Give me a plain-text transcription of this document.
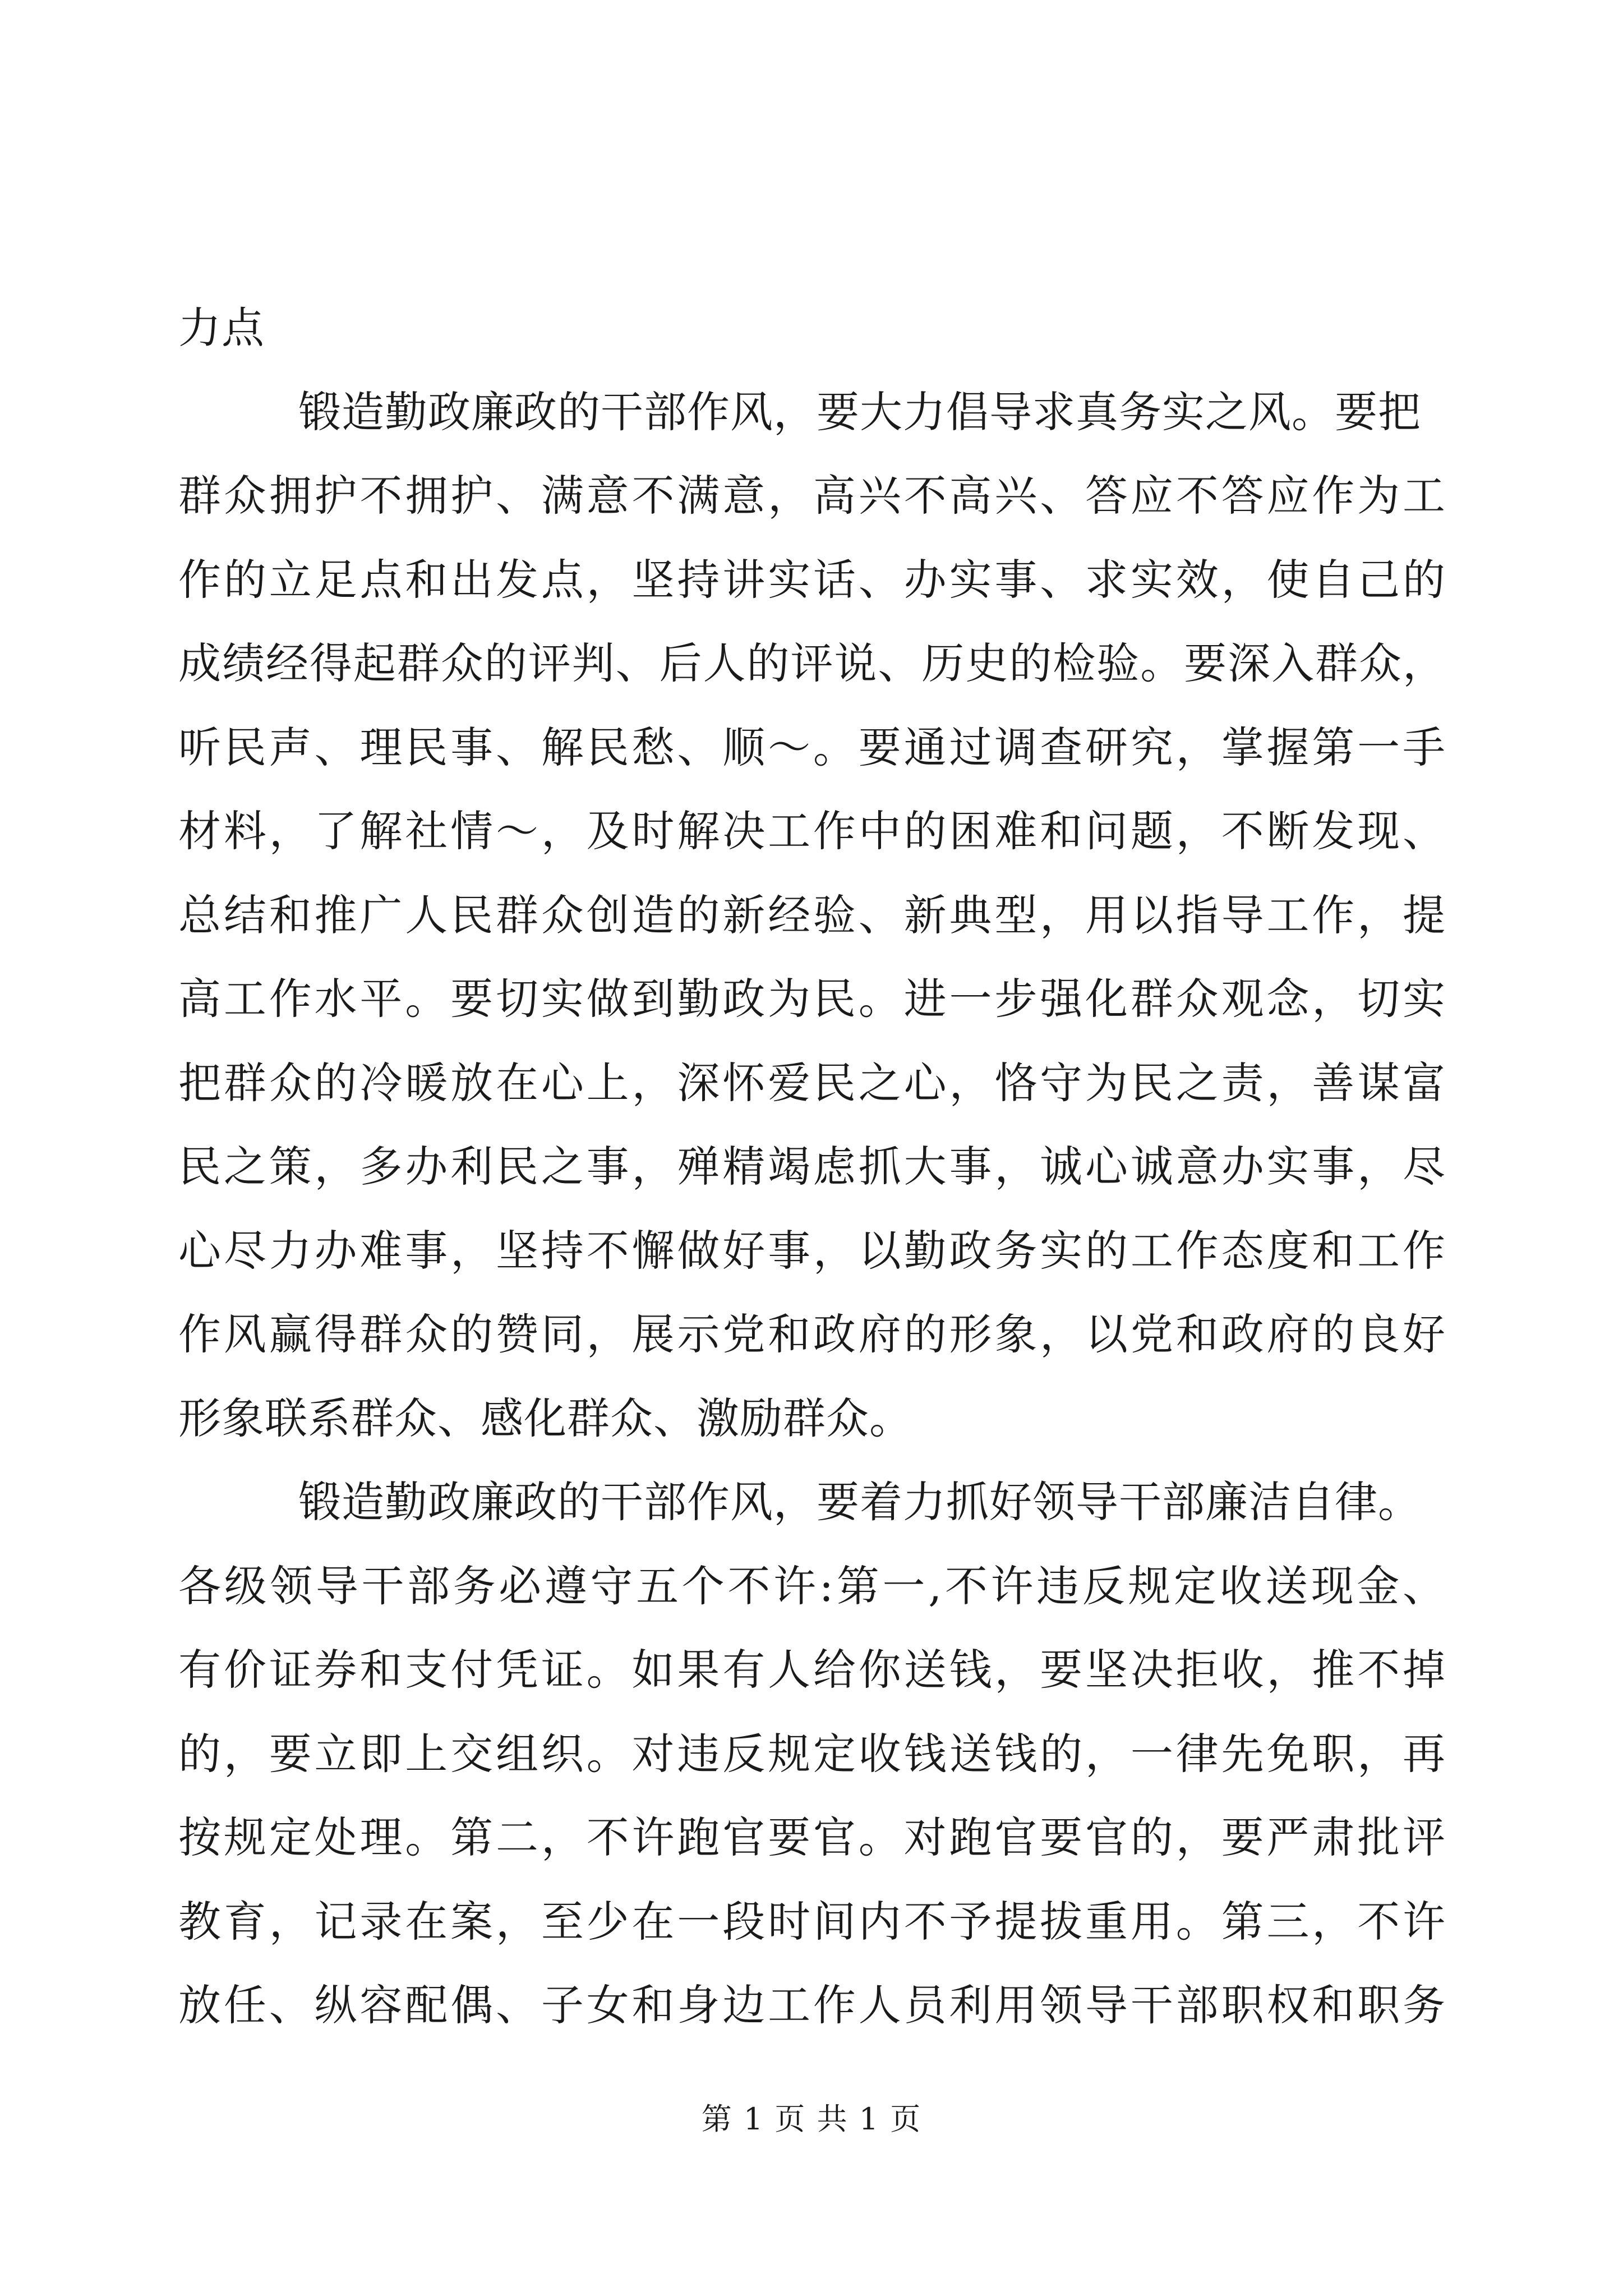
力点
锻造勤政廉政的干部作风，要大力倡导求真务实之风。要把
群众拥护不拥护、满意不满意，高兴不高兴、答应不答应作为工
作的立足点和出发点，坚持讲实话、办实事、求实效，使自己的
成绩经得起群众的评判、后人的评说、历史的检验。要深入群众，
听民声、理民事、解民愁、顺～。要通过调查研究，掌握第一手
材料，了解社情～，及时解决工作中的困难和问题，不断发现、
总结和推广人民群众创造的新经验、新典型，用以指导工作，提
高工作水平。要切实做到勤政为民。进一步强化群众观念，切实
把群众的冷暖放在心上，深怀爱民之心，恪守为民之责，善谋富
民之策，多办利民之事，殚精竭虑抓大事，诚心诚意办实事，尽
心尽力办难事，坚持不懈做好事，以勤政务实的工作态度和工作
作风赢得群众的赞同，展示党和政府的形象，以党和政府的良好
形象联系群众、感化群众、激励群众。
锻造勤政廉政的干部作风，要着力抓好领导干部廉洁自律。
各级领导干部务必遵守五个不许:第一,不许违反规定收送现金、
有价证券和支付凭证。如果有人给你送钱，要坚决拒收，推不掉
的，要立即上交组织。对违反规定收钱送钱的，一律先免职，再
按规定处理。第二，不许跑官要官。对跑官要官的，要严肃批评
教育，记录在案，至少在一段时间内不予提拔重用。第三，不许
放任、纵容配偶、子女和身边工作人员利用领导干部职权和职务
第 1 页 共 1 页
